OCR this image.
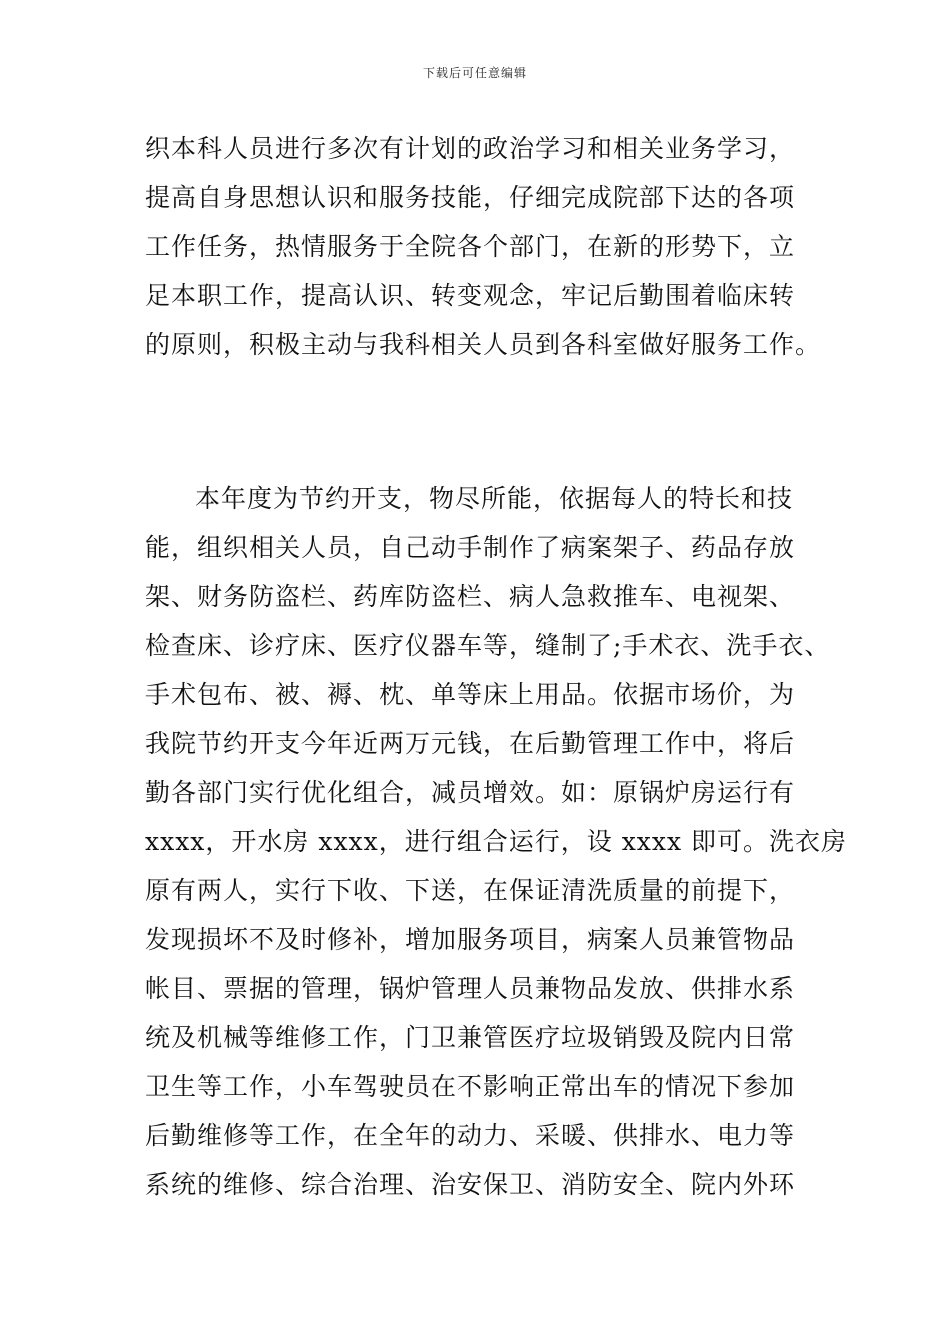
下载后可任意编辑
织本科人员进行多次有计划的政治学习和相关业务学习，
提高自身思想认识和服务技能，仔细完成院部下达的各项
工作任务，热情服务于全院各个部门，在新的形势下，立
足本职工作，提高认识、转变观念，牢记后勤围着临床转
的原则，积极主动与我科相关人员到各科室做好服务工作。
本年度为节约开支，物尽所能，依据每人的特长和技
能，组织相关人员，自己动手制作了病案架子、药品存放
架、财务防盗栏、药库防盗栏、病人急救推车、电视架、
检查床、诊疗床、医疗仪器车等，缝制了;手术衣、洗手衣、
手术包布、被、褥、枕、单等床上用品。依据市场价，为
我院节约开支今年近两万元钱，在后勤管理工作中，将后
勤各部门实行优化组合，减员增效。如：原锅炉房运行有
xxxx，开水房 xxxx，进行组合运行，设 xxxx 即可。洗衣房
原有两人，实行下收、下送，在保证清洗质量的前提下，
发现损坏不及时修补，增加服务项目，病案人员兼管物品
帐目、票据的管理，锅炉管理人员兼物品发放、供排水系
统及机械等维修工作，门卫兼管医疗垃圾销毁及院内日常
卫生等工作，小车驾驶员在不影响正常出车的情况下参加
后勤维修等工作，在全年的动力、采暖、供排水、电力等
系统的维修、综合治理、治安保卫、消防安全、院内外环
